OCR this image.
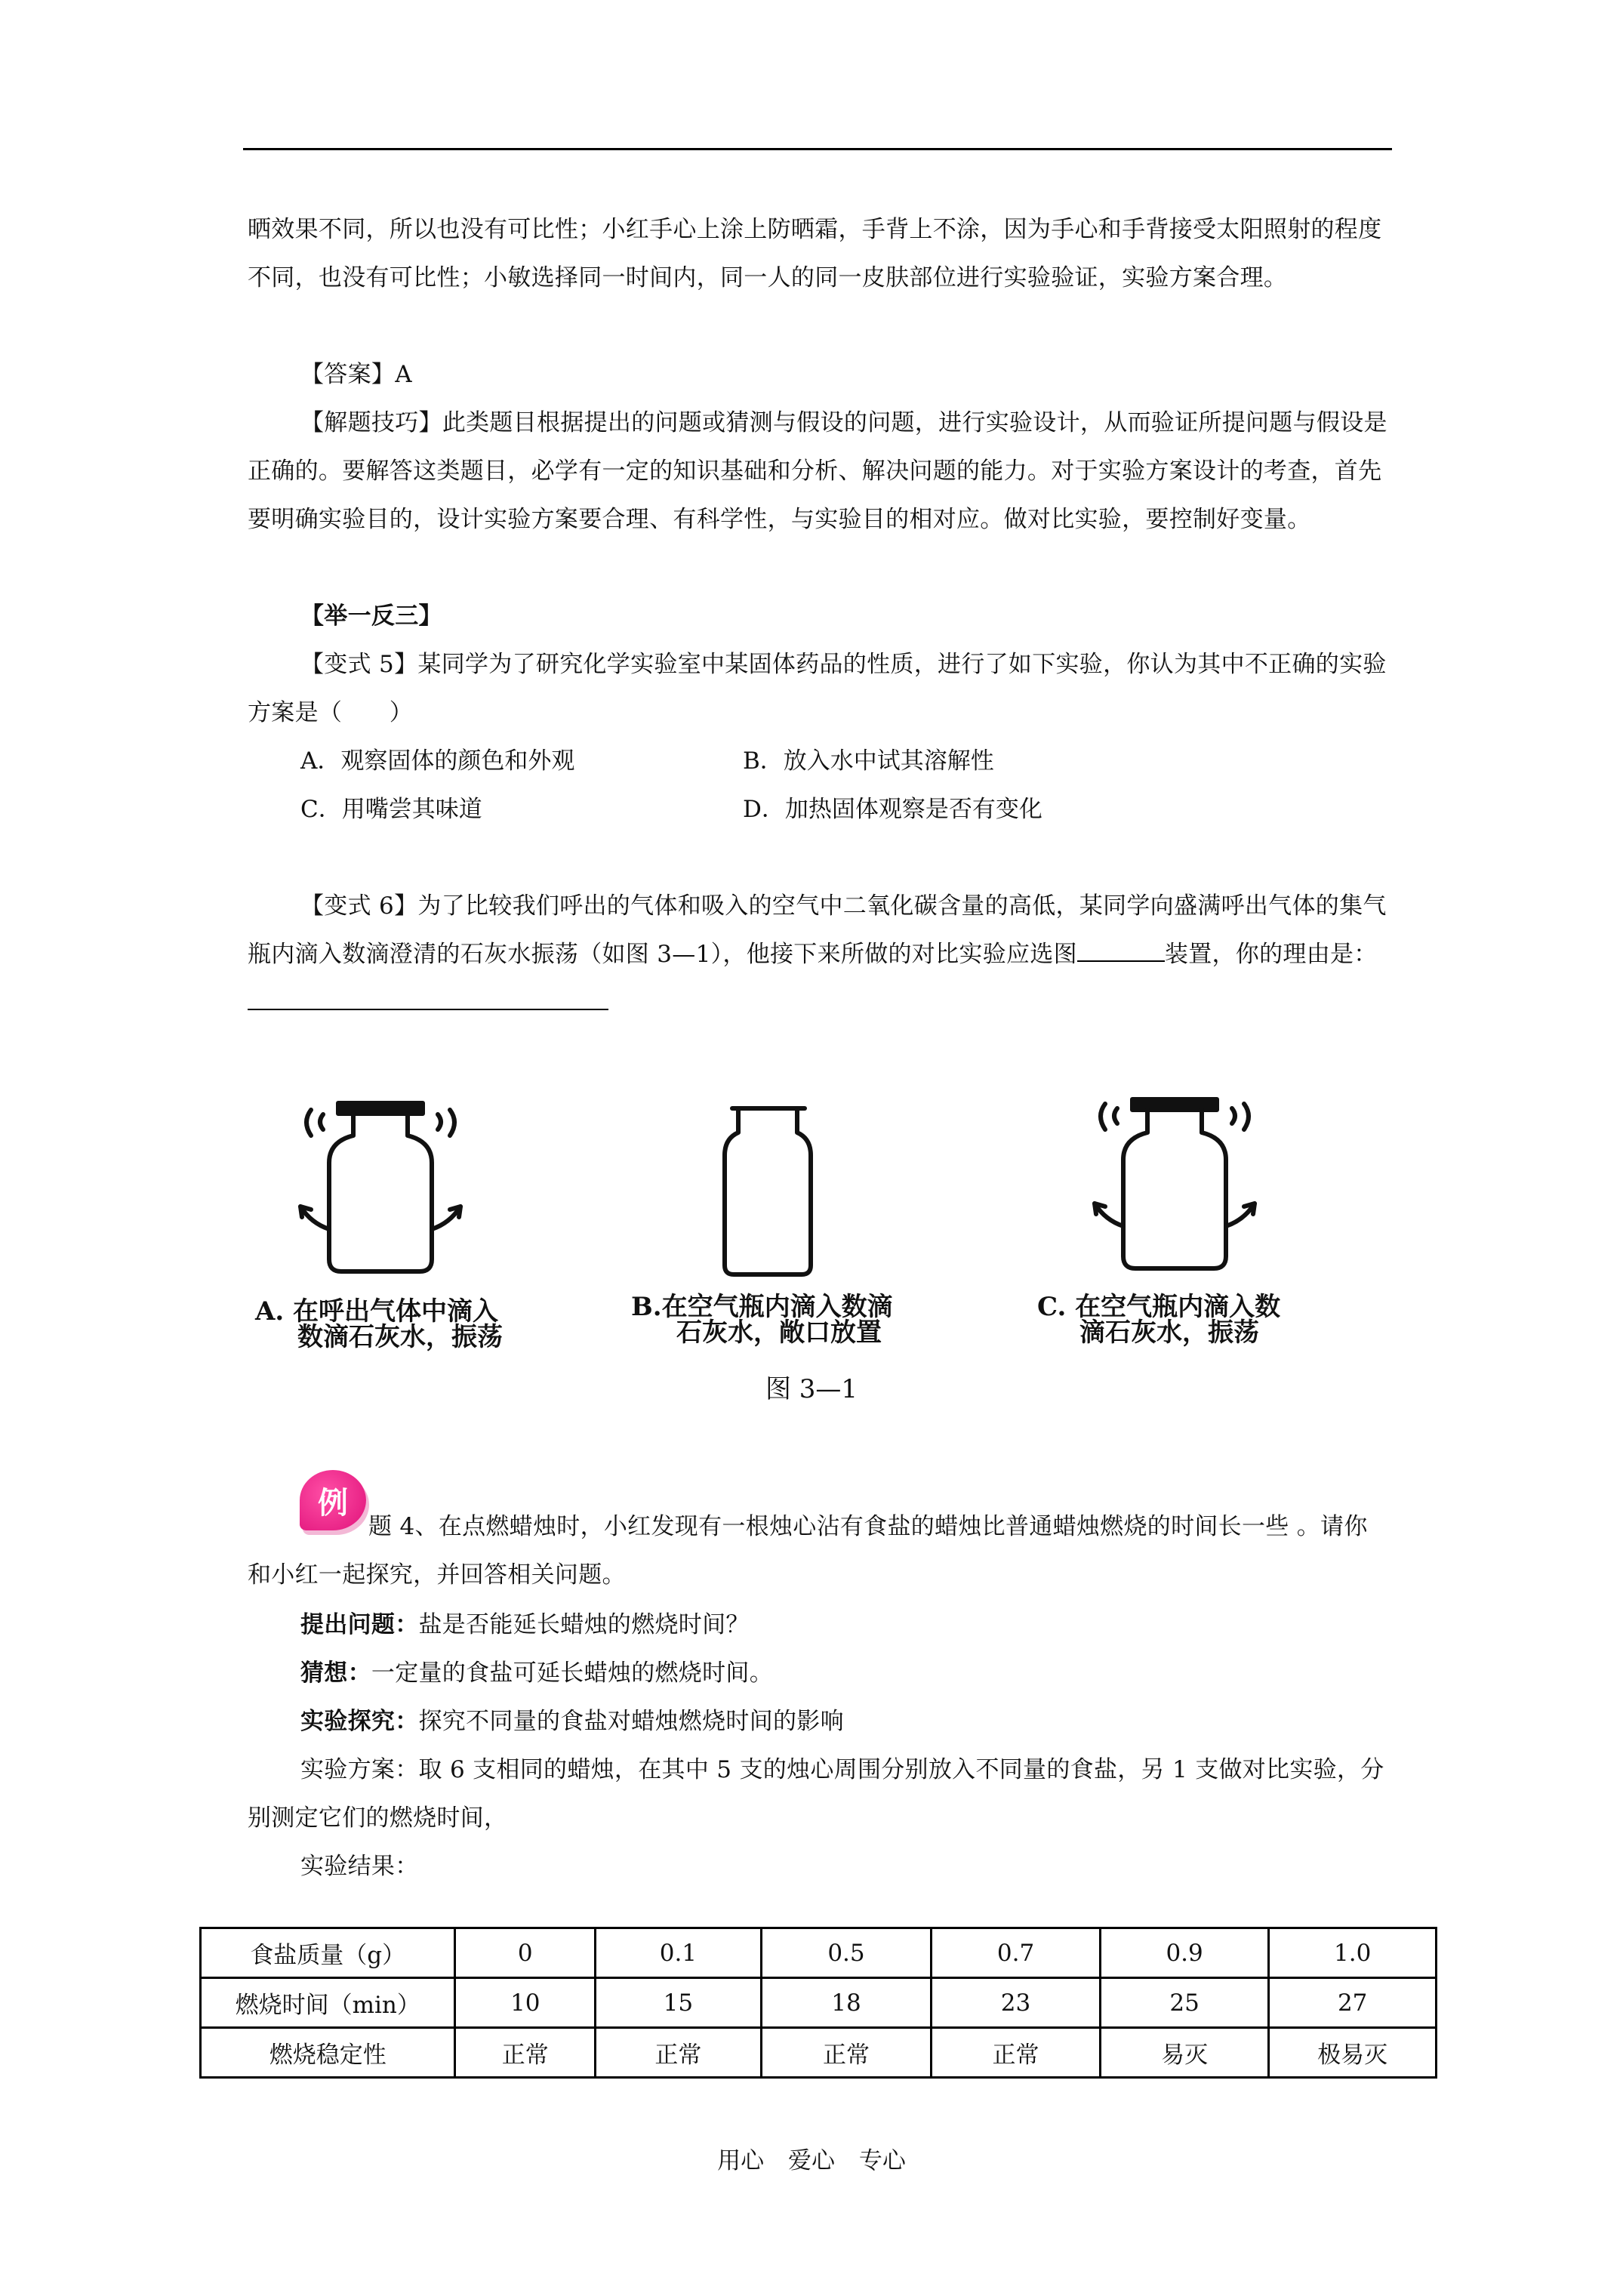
晒效果不同，所以也没有可比性；小红手心上涂上防晒霜，手背上不涂，因为手心和手背接受太阳照射的程度不同，也没有可比性；小敏选择同一时间内，同一人的同一皮肤部位进行实验验证，实验方案合理。

【答案】A

【解题技巧】此类题目根据提出的问题或猜测与假设的问题，进行实验设计，从而验证所提问题与假设是正确的。要解答这类题目，必学有一定的知识基础和分析、解决问题的能力。对于实验方案设计的考查，首先要明确实验目的，设计实验方案要合理、有科学性，与实验目的相对应。做对比实验，要控制好变量。

【举一反三】

【变式 5】某同学为了研究化学实验室中某固体药品的性质，进行了如下实验，你认为其中不正确的实验方案是（　　）

A．观察固体的颜色和外观	B．放入水中试其溶解性
C．用嘴尝其味道	D．加热固体观察是否有变化

【变式 6】为了比较我们呼出的气体和吸入的空气中二氧化碳含量的高低，某同学向盛满呼出气体的集气瓶内滴入数滴澄清的石灰水振荡（如图 3—1），他接下来所做的对比实验应选图	装置，你的理由是：

A. 在呼出气体中滴入
数滴石灰水，振荡
B.在空气瓶内滴入数滴
石灰水，敞口放置
C. 在空气瓶内滴入数
滴石灰水，振荡
图 3—1
例

题 4、在点燃蜡烛时，小红发现有一根烛心沾有食盐的蜡烛比普通蜡烛燃烧的时间长一些 。请你和小红一起探究，并回答相关问题。

提出问题：盐是否能延长蜡烛的燃烧时间？

猜想：一定量的食盐可延长蜡烛的燃烧时间。

实验探究：探究不同量的食盐对蜡烛燃烧时间的影响

实验方案：取 6 支相同的蜡烛，在其中 5 支的烛心周围分别放入不同量的食盐，另 1 支做对比实验，分别测定它们的燃烧时间，

实验结果：

食盐质量（g）	0	0.1	0.5	0.7	0.9	1.0
燃烧时间（min）	10	15	18	23	25	27
燃烧稳定性	正常	正常	正常	正常	易灭	极易灭
用心 爱心 专心
